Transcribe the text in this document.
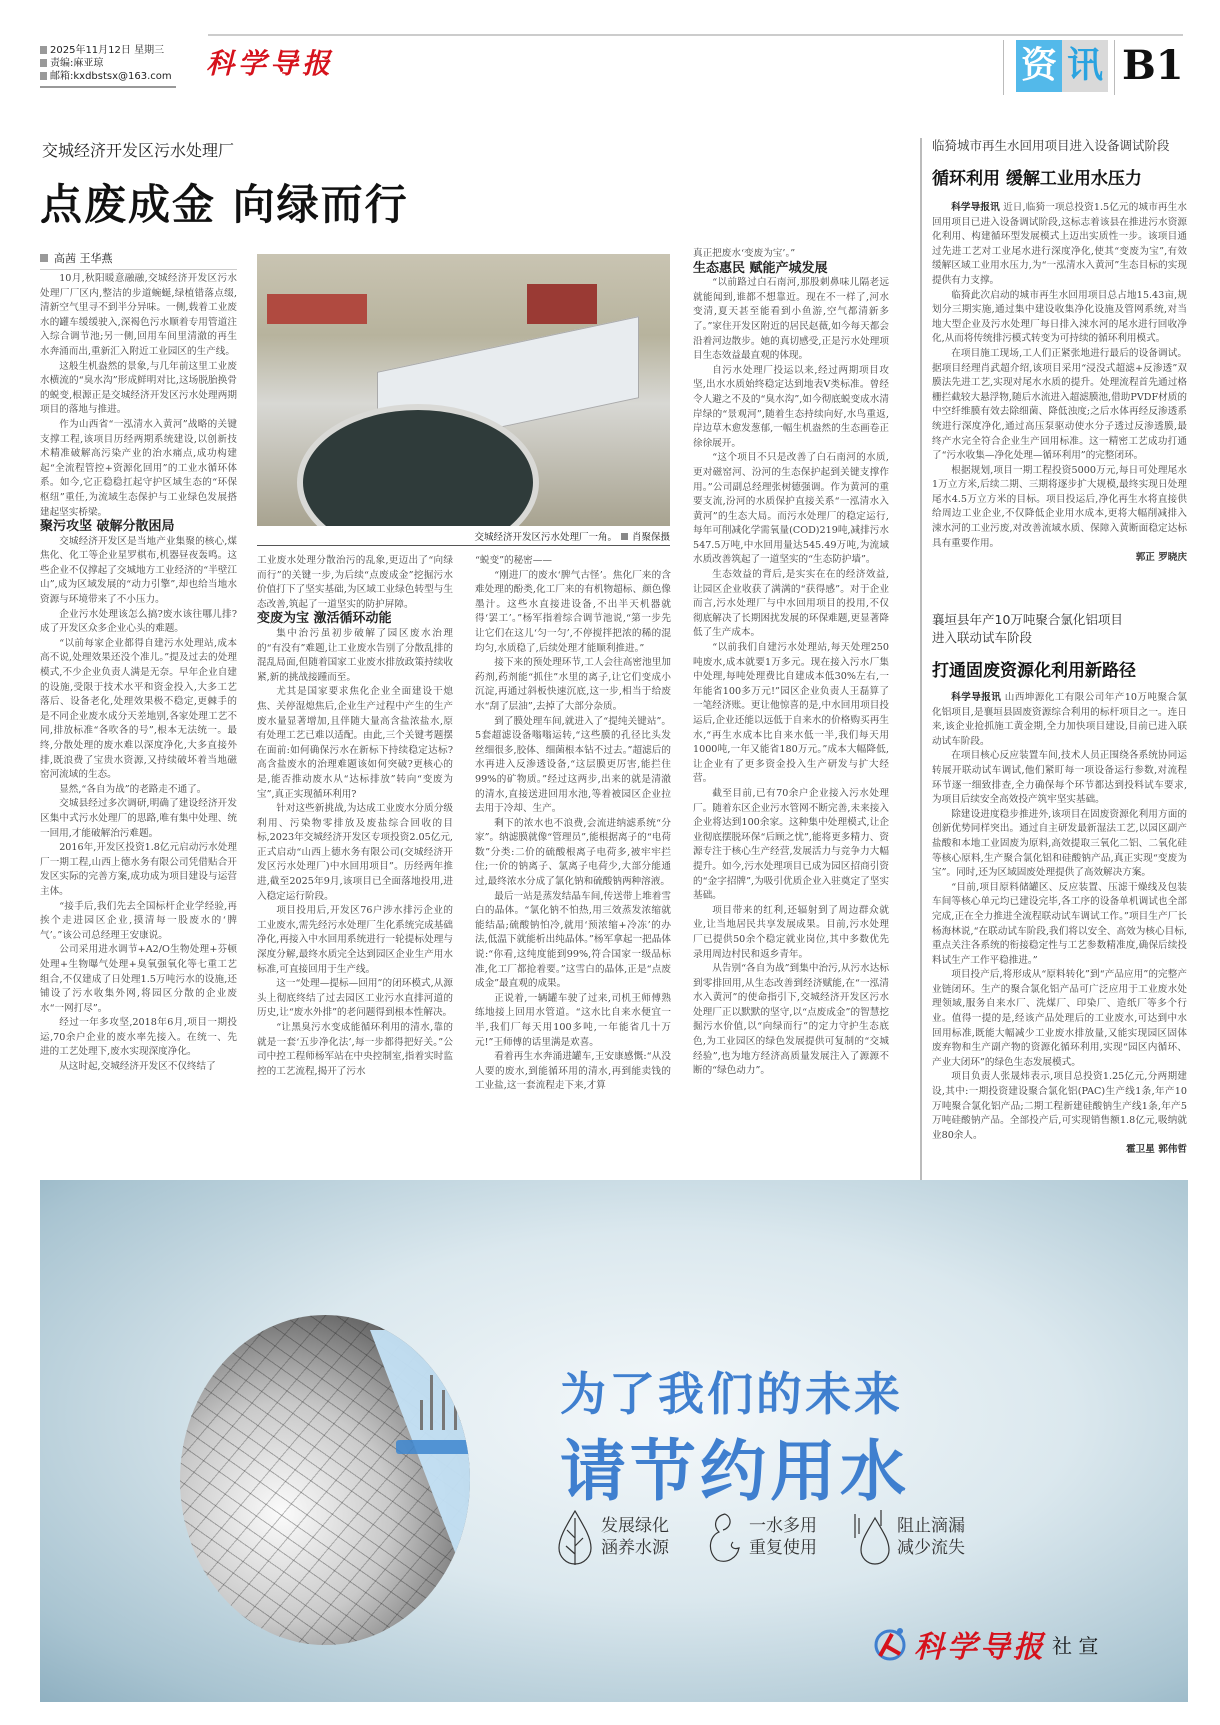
2025年11月12日 星期三
责编:麻亚琼
邮箱:kxdbstsx@163.com 科学导报	资 讯 B1
交城经济开发区污水处理厂
点废成金 向绿而行
高茜 王华燕

10月,秋阳暖意融融,交城经济开发区污水处理厂厂区内,整洁的步道蜿蜒,绿植错落点缀,清新空气里寻不到半分异味。一侧,载着工业废水的罐车缓缓驶入,深褐色污水顺着专用管道注入综合调节池;另一侧,回用车间里清澈的再生水奔涌而出,重新汇入附近工业园区的生产线。

这般生机盎然的景象,与几年前这里工业废水横流的“臭水沟”形成鲜明对比,这场脱胎换骨的蜕变,根源正是交城经济开发区污水处理两期项目的落地与推进。

作为山西省“一泓清水入黄河”战略的关键支撑工程,该项目历经两期系统建设,以创新技术精准破解高污染产业的治水痛点,成功构建起“全流程管控+资源化回用”的工业水循环体系。如今,它正稳稳扛起守护区域生态的“环保枢纽”重任,为流域生态保护与工业绿色发展搭建起坚实桥梁。

聚污攻坚 破解分散困局

交城经济开发区是当地产业集聚的核心,煤焦化、化工等企业星罗棋布,机器昼夜轰鸣。这些企业不仅撑起了交城地方工业经济的“半壁江山”,成为区域发展的“动力引擎”,却也给当地水资源与环境带来了不小压力。

企业污水处理该怎么搞?废水该往哪儿排?成了开发区众多企业心头的难题。

“以前每家企业都得自建污水处理站,成本高不说,处理效果还没个准儿。”提及过去的处理模式,不少企业负责人满是无奈。早年企业自建的设施,受限于技术水平和资金投入,大多工艺落后、设备老化,处理效果极不稳定,更棘手的是不同企业废水成分天差地别,各家处理工艺不同,排放标准“各吹各的号”,根本无法统一。最终,分散处理的废水难以深度净化,大多直接外排,既浪费了宝贵水资源,又持续破坏着当地磁窑河流域的生态。

显然,“各自为战”的老路走不通了。

交城县经过多次调研,明确了建设经济开发区集中式污水处理厂的思路,唯有集中处理、统一回用,才能破解治污难题。

2016年,开发区投资1.8亿元启动污水处理厂一期工程,山西上德水务有限公司凭借贴合开发区实际的完善方案,成功成为项目建设与运营主体。

“接手后,我们先去全国标杆企业学经验,再挨个走进园区企业,摸清每一股废水的‘脾气’。”该公司总经理王安康说。

公司采用进水调节+A2/O生物处理+芬顿处理+生物曝气处理+臭氧强氧化等七重工艺组合,不仅建成了日处理1.5万吨污水的设施,还铺设了污水收集外网,将园区分散的企业废水“一网打尽”。

经过一年多攻坚,2018年6月,项目一期投运,70余户企业的废水率先接入。在统一、先进的工艺处理下,废水实现深度净化。

从这时起,交城经济开发区不仅终结了

交城经济开发区污水处理厂一角。 肖聚保摄

工业废水处理分散治污的乱象,更迈出了“向绿而行”的关键一步,为后续“点废成金”挖掘污水价值打下了坚实基础,为区域工业绿色转型与生态改善,筑起了一道坚实的防护屏障。

变废为宝 激活循环动能

集中治污虽初步破解了园区废水治理的“有没有”难题,让工业废水告别了分散乱排的混乱局面,但随着国家工业废水排放政策持续收紧,新的挑战接踵而至。

尤其是国家要求焦化企业全面建设干熄焦、关停湿熄焦后,企业生产过程中产生的生产废水量显著增加,且伴随大量高含盐浓盐水,原有处理工艺已难以适配。由此,三个关键考题摆在面前:如何确保污水在新标下持续稳定达标?高含盐废水的治理难题该如何突破?更核心的是,能否推动废水从“达标排放”转向“变废为宝”,真正实现循环利用?

针对这些新挑战,为达成工业废水分质分级利用、污染物零排放及废盐综合回收的目标,2023年交城经济开发区专项投资2.05亿元,正式启动“山西上德水务有限公司(交城经济开发区污水处理厂)中水回用项目”。历经两年推进,截至2025年9月,该项目已全面落地投用,进入稳定运行阶段。

项目投用后,开发区76户涉水排污企业的工业废水,需先经污水处理厂生化系统完成基础净化,再接入中水回用系统进行一轮提标处理与深度分解,最终水质完全达到园区企业生产用水标准,可直接回用于生产线。

这一“处理—提标—回用”的闭环模式,从源头上彻底终结了过去园区工业污水直排河道的历史,让“废水外排”的老问题得到根本性解决。

“让黑臭污水变成能循环利用的清水,靠的就是一套‘五步净化法’,每一步都得把好关。”公司中控工程师杨军站在中央控制室,指着实时监控的工艺流程,揭开了污水

“蜕变”的秘密——

“刚进厂的废水‘脾气古怪’。焦化厂来的含难处理的酚类,化工厂来的有机物超标、颜色像墨汁。这些水直接进设备,不出半天机器就得‘罢工’。”杨军指着综合调节池说,“第一步先让它们在这儿‘匀一匀’,不停搅拌把浓的稀的混均匀,水质稳了,后续处理才能顺利推进。”

接下来的预处理环节,工人会往高密池里加药剂,药剂能“抓住”水里的离子,让它们变成小沉淀,再通过斜板快速沉底,这一步,相当于给废水“刮了层油”,去掉了大部分杂质。

到了膜处理车间,就进入了“提纯关键站”。5套超滤设备嗡嗡运转,“这些膜的孔径比头发丝细很多,胶体、细菌根本钻不过去。”超滤后的水再进入反渗透设备,“这层膜更厉害,能拦住99%的矿物质。”经过这两步,出来的就是清澈的清水,直接送进回用水池,等着被园区企业拉去用于冷却、生产。

剩下的浓水也不浪费,会流进纳滤系统“分家”。纳滤膜就像“管理员”,能根据离子的“电荷数”分类:二价的硫酸根离子电荷多,被牢牢拦住;一价的钠离子、氯离子电荷少,大部分能通过,最终浓水分成了氯化钠和硫酸钠两种溶液。

最后一站是蒸发结晶车间,传送带上堆着雪白的晶体。“氯化钠不怕热,用三效蒸发浓缩就能结晶;硫酸钠怕冷,就用‘预浓缩+冷冻’的办法,低温下就能析出纯晶体。”杨军拿起一把晶体说:“你看,这纯度能到99%,符合国家一级品标准,化工厂都抢着要。”这雪白的晶体,正是“点废成金”最直观的成果。

正说着,一辆罐车驶了过来,司机王师傅熟练地接上回用水管道。“这水比自来水便宜一半,我们厂每天用100多吨,一年能省几十万元!”王师傅的话里满是欢喜。

看着再生水奔涌进罐车,王安康感慨:“从没人要的废水,到能循环用的清水,再到能卖钱的工业盐,这一套流程走下来,才算

真正把废水‘变废为宝’。”

生态惠民 赋能产城发展

“以前路过白石南河,那股刺鼻味儿隔老远就能闻到,谁都不想靠近。现在不一样了,河水变清,夏天甚至能看到小鱼游,空气都清新多了。”家住开发区附近的居民赵薇,如今每天都会沿着河边散步。她的真切感受,正是污水处理项目生态效益最直观的体现。

自污水处理厂投运以来,经过两期项目攻坚,出水水质始终稳定达到地表V类标准。曾经令人避之不及的“臭水沟”,如今彻底蜕变成水清岸绿的“景观河”,随着生态持续向好,水鸟重返,岸边草木愈发葱郁,一幅生机盎然的生态画卷正徐徐展开。

“这个项目不只是改善了白石南河的水质,更对磁窑河、汾河的生态保护起到关键支撑作用。”公司副总经理张树德强调。作为黄河的重要支流,汾河的水质保护直接关系“一泓清水入黄河”的生态大局。而污水处理厂的稳定运行,每年可削减化学需氧量(COD)219吨,减排污水547.5万吨,中水回用量达545.49万吨,为流域水质改善筑起了一道坚实的“生态防护墙”。

生态效益的背后,是实实在在的经济效益,让园区企业收获了满满的“获得感”。对于企业而言,污水处理厂与中水回用项目的投用,不仅彻底解决了长期困扰发展的环保难题,更显著降低了生产成本。

“以前我们自建污水处理站,每天处理250吨废水,成本就要1万多元。现在接入污水厂集中处理,每吨处理费比自建成本低30%左右,一年能省100多万元!”园区企业负责人王磊算了一笔经济账。更让他惊喜的是,中水回用项目投运后,企业还能以远低于自来水的价格购买再生水,“再生水成本比自来水低一半,我们每天用1000吨,一年又能省180万元。”成本大幅降低,让企业有了更多资金投入生产研发与扩大经营。

截至目前,已有70余户企业接入污水处理厂。随着东区企业污水管网不断完善,未来接入企业将达到100余家。这种集中处理模式,让企业彻底摆脱环保“后顾之忧”,能将更多精力、资源专注于核心生产经营,发展活力与竞争力大幅提升。如今,污水处理项目已成为园区招商引资的“金字招牌”,为吸引优质企业入驻奠定了坚实基础。

项目带来的红利,还辐射到了周边群众就业,让当地居民共享发展成果。目前,污水处理厂已提供50余个稳定就业岗位,其中多数优先录用周边村民和返乡青年。

从告别“各自为战”到集中治污,从污水达标到零排回用,从生态改善到经济赋能,在“一泓清水入黄河”的使命指引下,交城经济开发区污水处理厂正以默默的坚守,以“点废成金”的智慧挖掘污水价值,以“向绿而行”的定力守护生态底色,为工业园区的绿色发展提供可复制的“交城经验”,也为地方经济高质量发展注入了源源不断的“绿色动力”。

临猗城市再生水回用项目进入设备调试阶段
循环利用 缓解工业用水压力

科学导报讯 近日,临猗一项总投资1.5亿元的城市再生水回用项目已进入设备调试阶段,这标志着该县在推进污水资源化利用、构建循环型发展模式上迈出实质性一步。该项目通过先进工艺对工业尾水进行深度净化,使其“变废为宝”,有效缓解区域工业用水压力,为“一泓清水入黄河”生态目标的实现提供有力支撑。

临猗此次启动的城市再生水回用项目总占地15.43亩,规划分三期实施,通过集中建设收集净化设施及管网系统,对当地大型企业及污水处理厂每日排入涑水河的尾水进行回收净化,从而将传统排污模式转变为可持续的循环利用模式。

在项目施工现场,工人们正紧张地进行最后的设备调试。据项目经理肖武超介绍,该项目采用“浸没式超滤+反渗透”双膜法先进工艺,实现对尾水水质的提升。处理流程首先通过格栅拦截较大悬浮物,随后水流进入超滤膜池,借助PVDF材质的中空纤维膜有效去除细菌、降低浊度;之后水体再经反渗透系统进行深度净化,通过高压泵驱动使水分子透过反渗透膜,最终产水完全符合企业生产回用标准。这一精密工艺成功打通了“污水收集—净化处理—循环利用”的完整闭环。

根据规划,项目一期工程投资5000万元,每日可处理尾水1万立方米,后续二期、三期将逐步扩大规模,最终实现日处理尾水4.5万立方米的目标。项目投运后,净化再生水将直接供给周边工业企业,不仅降低企业用水成本,更将大幅削减排入涑水河的工业污废,对改善流域水质、保障入黄断面稳定达标具有重要作用。

郭正 罗晓庆
襄垣县年产10万吨聚合氯化铝项目
进入联动试车阶段
打通固废资源化利用新路径

科学导报讯 山西坤源化工有限公司年产10万吨聚合氯化铝项目,是襄垣县固废资源综合利用的标杆项目之一。连日来,该企业抢抓施工黄金期,全力加快项目建设,目前已进入联动试车阶段。

在项目核心反应装置车间,技术人员正围绕各系统协同运转展开联动试车调试,他们紧盯每一项设备运行参数,对流程环节逐一细致排查,全力确保每个环节都达到投料试车要求,为项目后续安全高效投产筑牢坚实基础。

除建设进度稳步推进外,该项目在固废资源化利用方面的创新优势同样突出。通过自主研发最新湿法工艺,以园区副产盐酸和本地工业固废为原料,高效提取三氧化二铝、二氧化硅等核心原料,生产聚合氯化铝和硅酸钠产品,真正实现“变废为宝”。同时,还为区域固废处理提供了高效解决方案。

“目前,项目原料储罐区、反应装置、压滤干燥线及包装车间等核心单元均已建设完毕,各工序的设备单机调试也全部完成,正在全力推进全流程联动试车调试工作。”项目生产厂长杨海林说,“在联动试车阶段,我们将以安全、高效为核心目标,重点关注各系统的衔接稳定性与工艺参数精准度,确保后续投料试生产工作平稳推进。”

项目投产后,将形成从“原料转化”到“产品应用”的完整产业链闭环。生产的聚合氯化铝产品可广泛应用于工业废水处理领域,服务自来水厂、洗煤厂、印染厂、造纸厂等多个行业。值得一提的是,经该产品处理后的工业废水,可达到中水回用标准,既能大幅减少工业废水排放量,又能实现园区固体废弃物和生产副产物的资源化循环利用,实现“园区内循环、产业大闭环”的绿色生态发展模式。

项目负责人张晟炜表示,项目总投资1.25亿元,分两期建设,其中:一期投资建设聚合氯化铝(PAC)生产线1条,年产10万吨聚合氯化铝产品;二期工程新建硅酸钠生产线1条,年产5万吨硅酸钠产品。全部投产后,可实现销售额1.8亿元,吸纳就业80余人。

霍卫星 郭伟哲
为了我们的未来
请节约用水
发展绿化
涵养水源
一水多用
重复使用
阻止滴漏
减少流失
科学导报 社 宣
